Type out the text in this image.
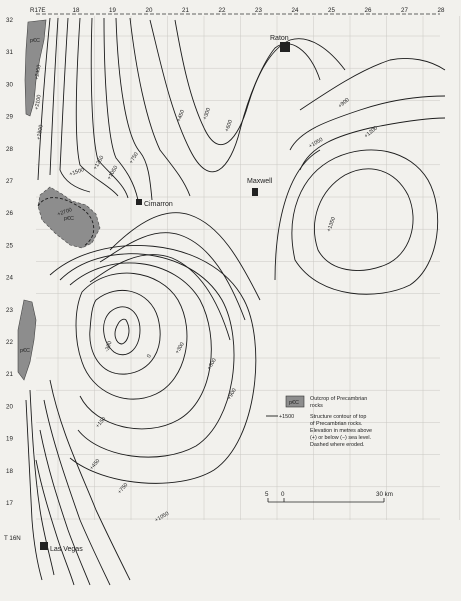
R17E	18	19	20	21	22	23	24	25	26	27	28
32
31
30
29
28
27
26
25
24
23
22
21
20
19
18
17
T 16N
Raton
Maxwell
Cimarron
Las Vegas
p€C
p€C
p€C
+2400
+2100
+1800
+1500
+1350
+1050
+750
+2700
+450	+300
+600
+900
+1200
+1050
+1350
-300
0
+300
+600
+900
+150
+450
+750
+1050
p€C
Outcrop of Precambrian
rocks
+1500	Structure contour of top
of Precambrian rocks.
Elevation in metres above
(+) or below (−) sea level.
Dashed where eroded.
5 0	30 km
